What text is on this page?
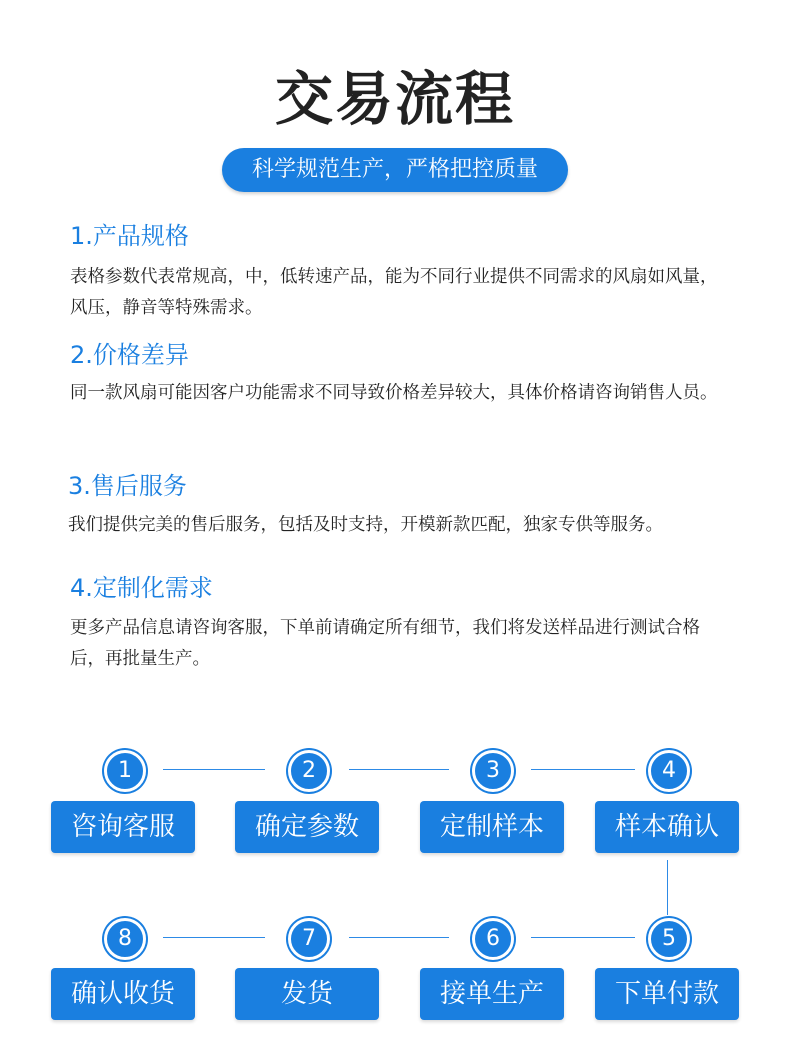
交易流程
科学规范生产，严格把控质量
1.产品规格
表格参数代表常规高，中，低转速产品，能为不同行业提供不同需求的风扇如风量，风压，静音等特殊需求。
2.价格差异
同一款风扇可能因客户功能需求不同导致价格差异较大，具体价格请咨询销售人员。
3.售后服务
我们提供完美的售后服务，包括及时支持，开模新款匹配，独家专供等服务。
4.定制化需求
更多产品信息请咨询客服，下单前请确定所有细节，我们将发送样品进行测试合格后，再批量生产。
1	2	3	4
咨询客服	确定参数	定制样本	样本确认
8	7	6	5
确认收货	发货	接单生产	下单付款
